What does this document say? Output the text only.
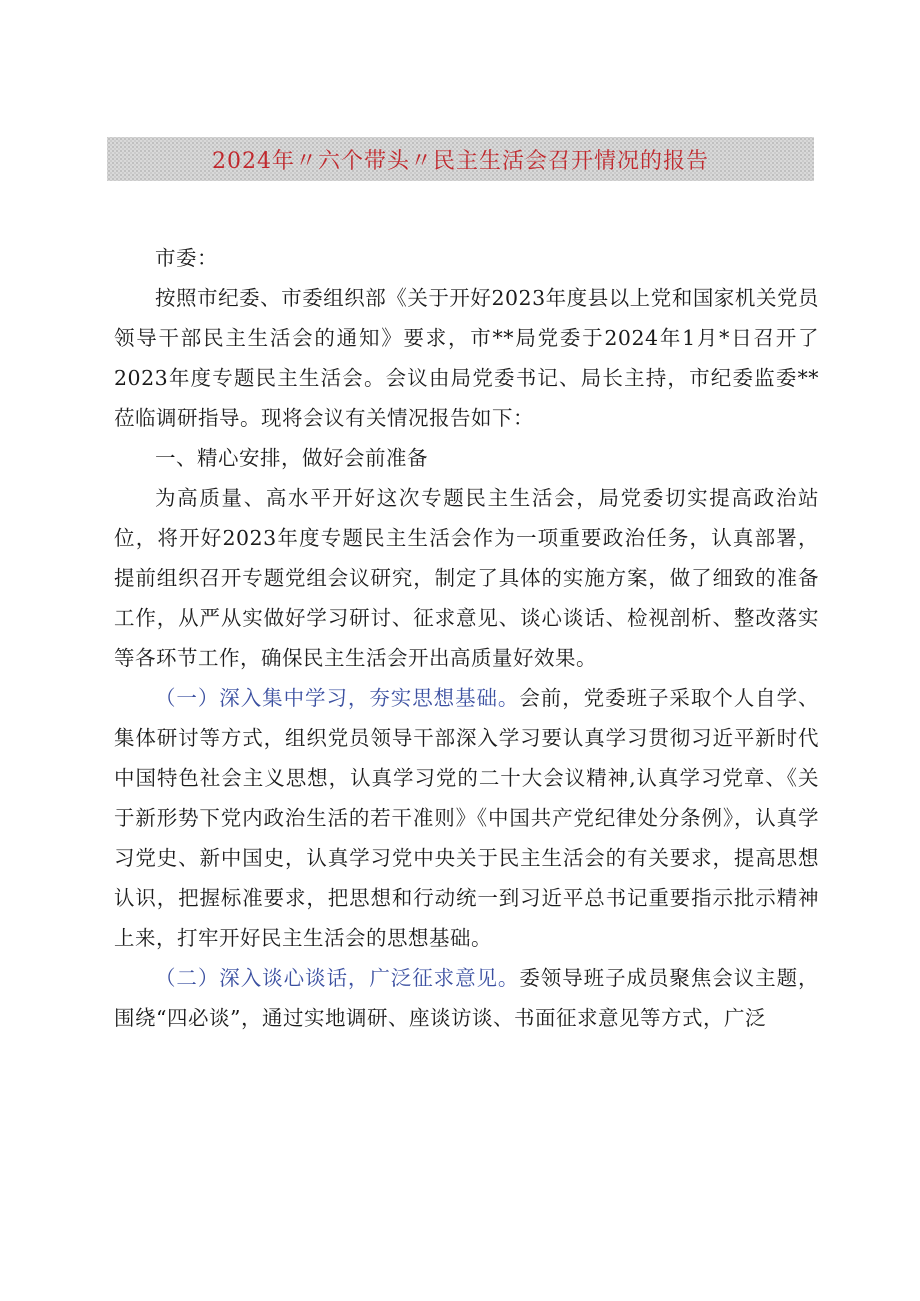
2024年〃六个带头〃民主生活会召开情况的报告

市委：

按照市纪委、市委组织部《关于开好2023年度县以上党和国家机关党员领导干部民主生活会的通知》要求，市**局党委于2024年1月*日召开了2023年度专题民主生活会。会议由局党委书记、局长主持，市纪委监委**莅临调研指导。现将会议有关情况报告如下：

一、精心安排，做好会前准备

为高质量、高水平开好这次专题民主生活会，局党委切实提高政治站位，将开好2023年度专题民主生活会作为一项重要政治任务，认真部署，提前组织召开专题党组会议研究，制定了具体的实施方案，做了细致的准备工作，从严从实做好学习研讨、征求意见、谈心谈话、检视剖析、整改落实等各环节工作，确保民主生活会开出高质量好效果。

（一）深入集中学习，夯实思想基础。会前，党委班子采取个人自学、集体研讨等方式，组织党员领导干部深入学习要认真学习贯彻习近平新时代中国特色社会主义思想，认真学习党的二十大会议精神,认真学习党章、《关于新形势下党内政治生活的若干准则》《中国共产党纪律处分条例》，认真学习党史、新中国史，认真学习党中央关于民主生活会的有关要求，提高思想认识，把握标准要求，把思想和行动统一到习近平总书记重要指示批示精神上来，打牢开好民主生活会的思想基础。

（二）深入谈心谈话，广泛征求意见。委领导班子成员聚焦会议主题，围绕“四必谈”，通过实地调研、座谈访谈、书面征求意见等方式，广泛
